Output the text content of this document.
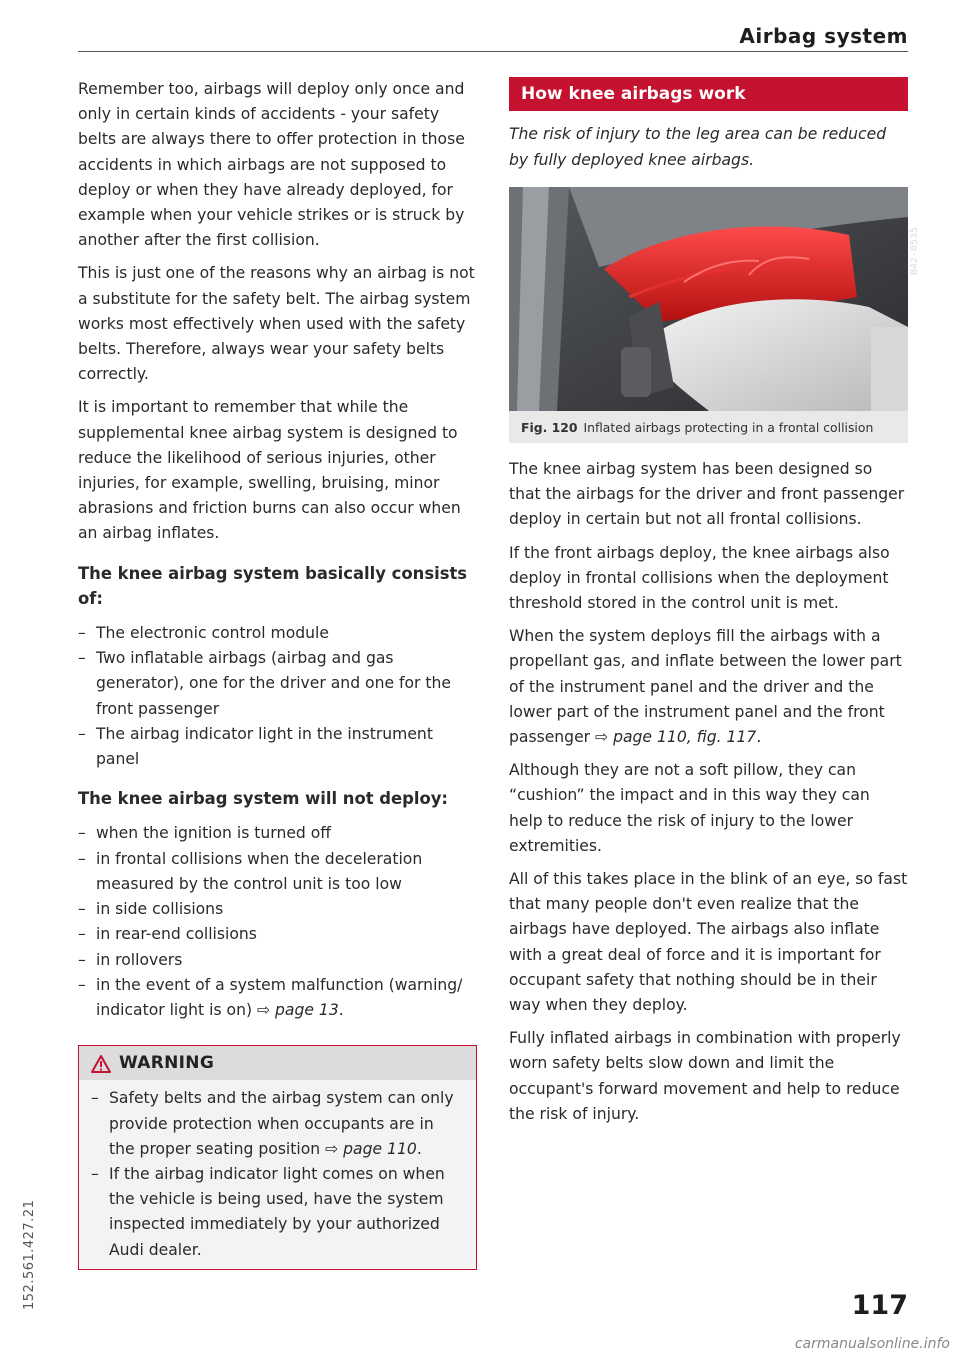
Airbag system

Remember too, airbags will deploy only once and only in certain kinds of accidents - your safety belts are always there to offer protection in those accidents in which airbags are not supposed to deploy or when they have already deployed, for example when your vehicle strikes or is struck by another after the first collision.

This is just one of the reasons why an airbag is not a substitute for the safety belt. The airbag system works most effectively when used with the safety belts. Therefore, always wear your safety belts correctly.

It is important to remember that while the supplemental knee airbag system is designed to reduce the likelihood of serious injuries, other injuries, for example, swelling, bruising, minor abrasions and friction burns can also occur when an airbag inflates.

The knee airbag system basically consists of:
– The electronic control module
– Two inflatable airbags (airbag and gas generator), one for the driver and one for the front passenger
– The airbag indicator light in the instrument panel
The knee airbag system will not deploy:
– when the ignition is turned off
– in frontal collisions when the deceleration measured by the control unit is too low
– in side collisions
– in rear-end collisions
– in rollovers
– in the event of a system malfunction (warning/ indicator light is on) ⇨ page 13.
WARNING
– Safety belts and the airbag system can only provide protection when occupants are in the proper seating position ⇨ page 110.
– If the airbag indicator light comes on when the vehicle is being used, have the system inspected immediately by your authorized Audi dealer.
How knee airbags work

The risk of injury to the leg area can be reduced by fully deployed knee airbags.

B42-0535
Fig. 120 Inflated airbags protecting in a frontal collision

The knee airbag system has been designed so that the airbags for the driver and front passenger deploy in certain but not all frontal collisions.

If the front airbags deploy, the knee airbags also deploy in frontal collisions when the deployment threshold stored in the control unit is met.

When the system deploys fill the airbags with a propellant gas, and inflate between the lower part of the instrument panel and the driver and the lower part of the instrument panel and the front passenger ⇨ page 110, fig. 117.

Although they are not a soft pillow, they can “cushion” the impact and in this way they can help to reduce the risk of injury to the lower extremities.

All of this takes place in the blink of an eye, so fast that many people don't even realize that the airbags have deployed. The airbags also inflate with a great deal of force and it is important for occupant safety that nothing should be in their way when they deploy.

Fully inflated airbags in combination with properly worn safety belts slow down and limit the occupant's forward movement and help to reduce the risk of injury.

152.561.427.21	117
carmanualsonline.info
